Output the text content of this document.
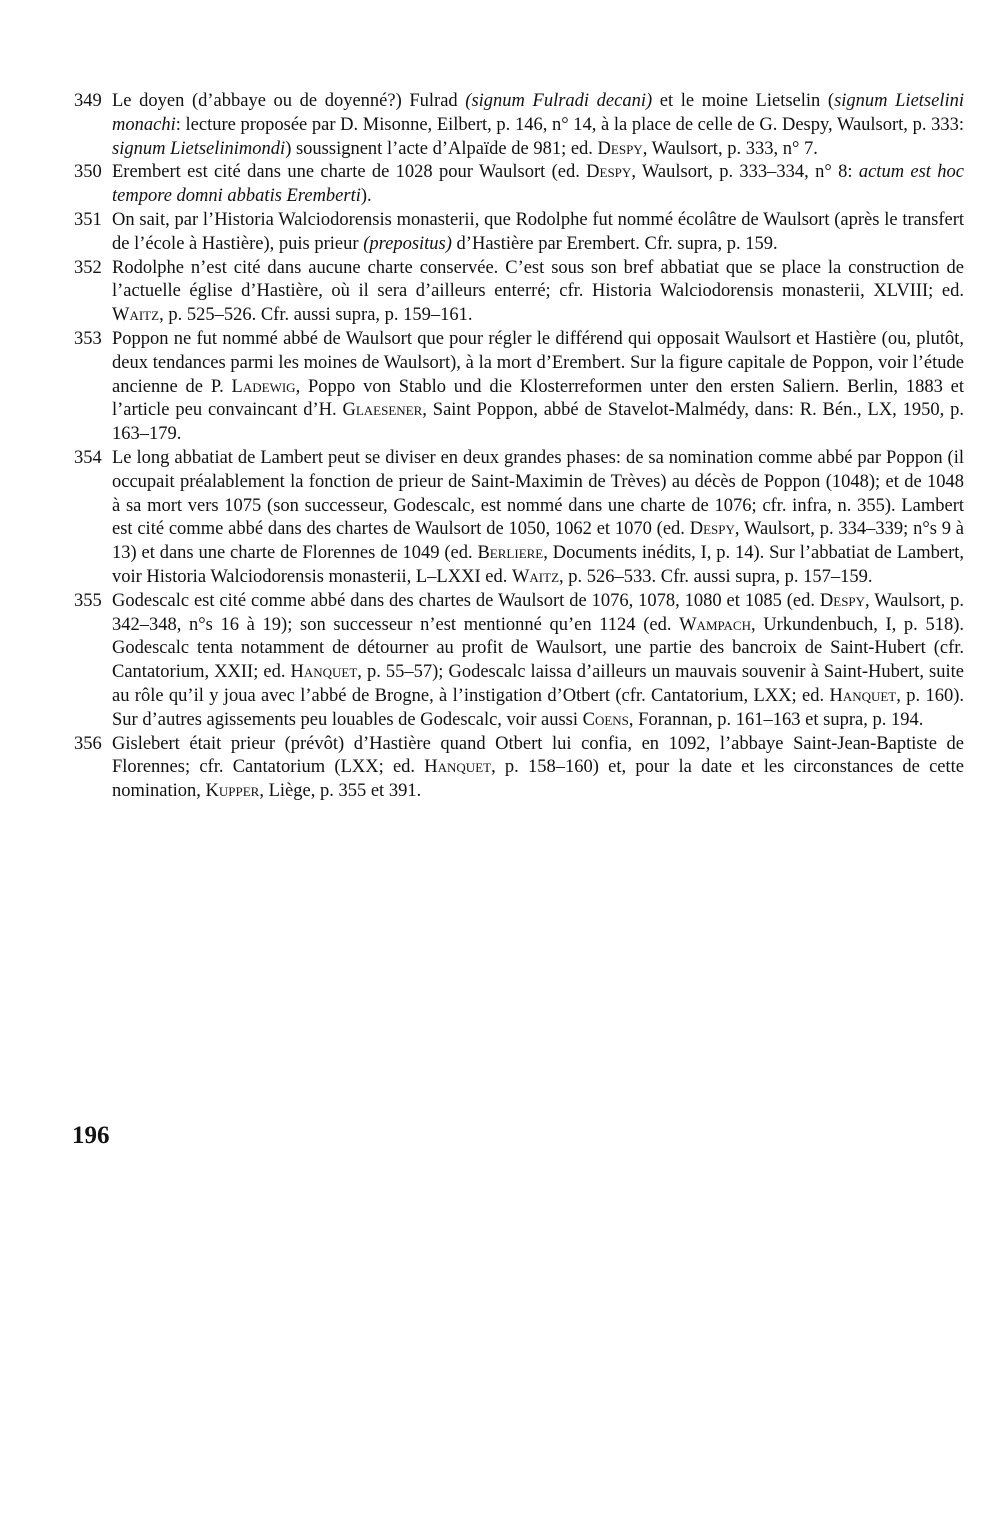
349 Le doyen (d’abbaye ou de doyenné?) Fulrad (signum Fulradi decani) et le moine Lietselin (signum Lietselini monachi: lecture proposée par D. Misonne, Eilbert, p. 146, n° 14, à la place de celle de G. Despy, Waulsort, p. 333: signum Lietselinimondi) soussignent l’acte d’Alpaïde de 981; ed. Despy, Waulsort, p. 333, n° 7.
350 Erembert est cité dans une charte de 1028 pour Waulsort (ed. Despy, Waulsort, p. 333–334, n° 8: actum est hoc tempore domni abbatis Eremberti).
351 On sait, par l’Historia Walciodorensis monasterii, que Rodolphe fut nommé écolâtre de Waulsort (après le transfert de l’école à Hastière), puis prieur (prepositus) d’Hastière par Erembert. Cfr. supra, p. 159.
352 Rodolphe n’est cité dans aucune charte conservée. C’est sous son bref abbatiat que se place la construction de l’actuelle église d’Hastière, où il sera d’ailleurs enterré; cfr. Historia Walciodorensis monasterii, XLVIII; ed. Waitz, p. 525–526. Cfr. aussi supra, p. 159–161.
353 Poppon ne fut nommé abbé de Waulsort que pour régler le différend qui opposait Waulsort et Hastière (ou, plutôt, deux tendances parmi les moines de Waulsort), à la mort d’Erembert. Sur la figure capitale de Poppon, voir l’étude ancienne de P. Ladewig, Poppo von Stablo und die Klosterreformen unter den ersten Saliern. Berlin, 1883 et l’article peu convaincant d’H. Glaesener, Saint Poppon, abbé de Stavelot-Malmédy, dans: R. Bén., LX, 1950, p. 163–179.
354 Le long abbatiat de Lambert peut se diviser en deux grandes phases: de sa nomination comme abbé par Poppon (il occupait préalablement la fonction de prieur de Saint-Maximin de Trèves) au décès de Poppon (1048); et de 1048 à sa mort vers 1075 (son successeur, Godescalc, est nommé dans une charte de 1076; cfr. infra, n. 355). Lambert est cité comme abbé dans des chartes de Waulsort de 1050, 1062 et 1070 (ed. Despy, Waulsort, p. 334–339; n°s 9 à 13) et dans une charte de Florennes de 1049 (ed. Berliere, Documents inédits, I, p. 14). Sur l’abbatiat de Lambert, voir Historia Walciodorensis monasterii, L–LXXI ed. Waitz, p. 526–533. Cfr. aussi supra, p. 157–159.
355 Godescalc est cité comme abbé dans des chartes de Waulsort de 1076, 1078, 1080 et 1085 (ed. Despy, Waulsort, p. 342–348, n°s 16 à 19); son successeur n’est mentionné qu’en 1124 (ed. Wampach, Urkundenbuch, I, p. 518). Godescalc tenta notamment de détourner au profit de Waulsort, une partie des bancroix de Saint-Hubert (cfr. Cantatorium, XXII; ed. Hanquet, p. 55–57); Godescalc laissa d’ailleurs un mauvais souvenir à Saint-Hubert, suite au rôle qu’il y joua avec l’abbé de Brogne, à l’instigation d’Otbert (cfr. Cantatorium, LXX; ed. Hanquet, p. 160). Sur d’autres agissements peu louables de Godescalc, voir aussi Coens, Forannan, p. 161–163 et supra, p. 194.
356 Gislebert était prieur (prévôt) d’Hastière quand Otbert lui confia, en 1092, l’abbaye Saint-Jean-Baptiste de Florennes; cfr. Cantatorium (LXX; ed. Hanquet, p. 158–160) et, pour la date et les circonstances de cette nomination, Kupper, Liège, p. 355 et 391.
196
